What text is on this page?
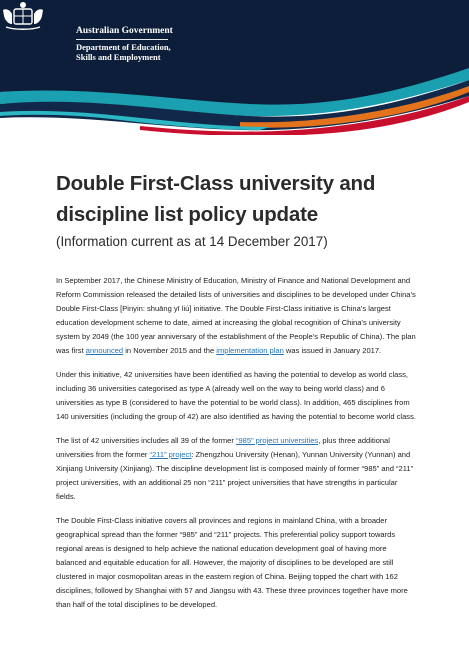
Australian Government
Department of Education,
Skills and Employment
Double First-Class university and
discipline list policy update
(Information current as at 14 December 2017)

In September 2017, the Chinese Ministry of Education, Ministry of Finance and National Development and Reform Commission released the detailed lists of universities and disciplines to be developed under China’s Double First-Class [Pinyin: shuāng yī liú] initiative. The Double First-Class initiative is China’s largest education development scheme to date, aimed at increasing the global recognition of China’s university system by 2049 (the 100 year anniversary of the establishment of the People’s Republic of China). The plan was first announced in November 2015 and the implementation plan was issued in January 2017.

Under this initiative, 42 universities have been identified as having the potential to develop as world class, including 36 universities categorised as type A (already well on the way to being world class) and 6 universities as type B (considered to have the potential to be world class). In addition, 465 disciplines from 140 universities (including the group of 42) are also identified as having the potential to become world class.

The list of 42 universities includes all 39 of the former “985” project universities, plus three additional universities from the former “211” project: Zhengzhou University (Henan), Yunnan University (Yunnan) and Xinjiang University (Xinjiang). The discipline development list is composed mainly of former “985” and “211” project universities, with an additional 25 non “211” project universities that have strengths in particular fields.

The Double First-Class initiative covers all provinces and regions in mainland China, with a broader geographical spread than the former “985” and “211” projects. This preferential policy support towards regional areas is designed to help achieve the national education development goal of having more balanced and equitable education for all. However, the majority of disciplines to be developed are still clustered in major cosmopolitan areas in the eastern region of China. Beijing topped the chart with 162 disciplines, followed by Shanghai with 57 and Jiangsu with 43. These three provinces together have more than half of the total disciplines to be developed.
